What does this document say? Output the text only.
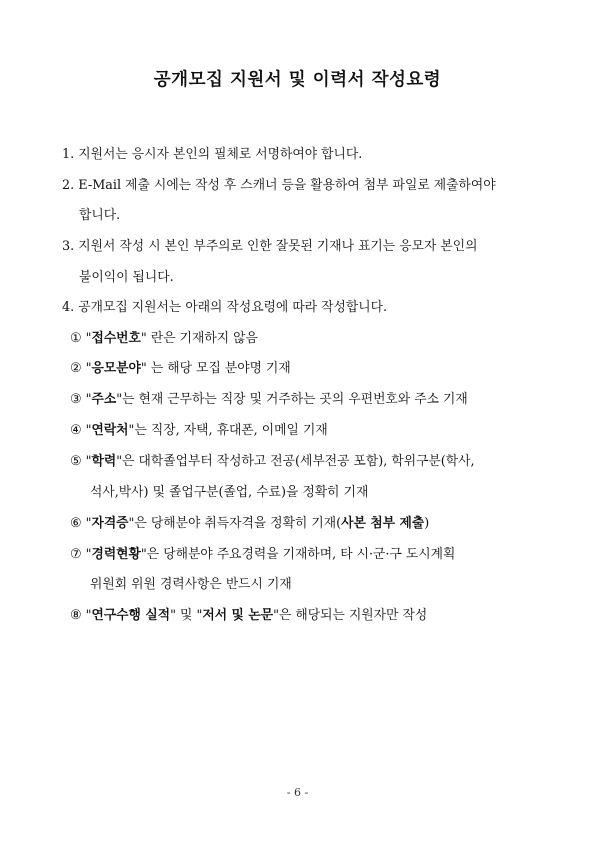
공개모집 지원서 및 이력서 작성요령
1. 지원서는 응시자 본인의 필체로 서명하여야 합니다.
2. E-Mail 제출 시에는 작성 후 스캐너 등을 활용하여 첨부 파일로 제출하여야
합니다.
3. 지원서 작성 시 본인 부주의로 인한 잘못된 기재나 표기는 응모자 본인의
불이익이 됩니다.
4. 공개모집 지원서는 아래의 작성요령에 따라 작성합니다.
① "접수번호" 란은 기재하지 않음
② "응모분야" 는 해당 모집 분야명 기재
③ "주소"는 현재 근무하는 직장 및 거주하는 곳의 우편번호와 주소 기재
④ "연락처"는 직장, 자택, 휴대폰, 이메일 기재
⑤ "학력"은 대학졸업부터 작성하고 전공(세부전공 포함), 학위구분(학사,
석사,박사) 및 졸업구분(졸업, 수료)을 정확히 기재
⑥ "자격증"은 당해분야 취득자격을 정확히 기재(사본 첨부 제출)
⑦ "경력현황"은 당해분야 주요경력을 기재하며, 타 시·군·구 도시계획
위원회 위원 경력사항은 반드시 기재
⑧ "연구수행 실적" 및 "저서 및 논문"은 해당되는 지원자만 작성
- 6 -
